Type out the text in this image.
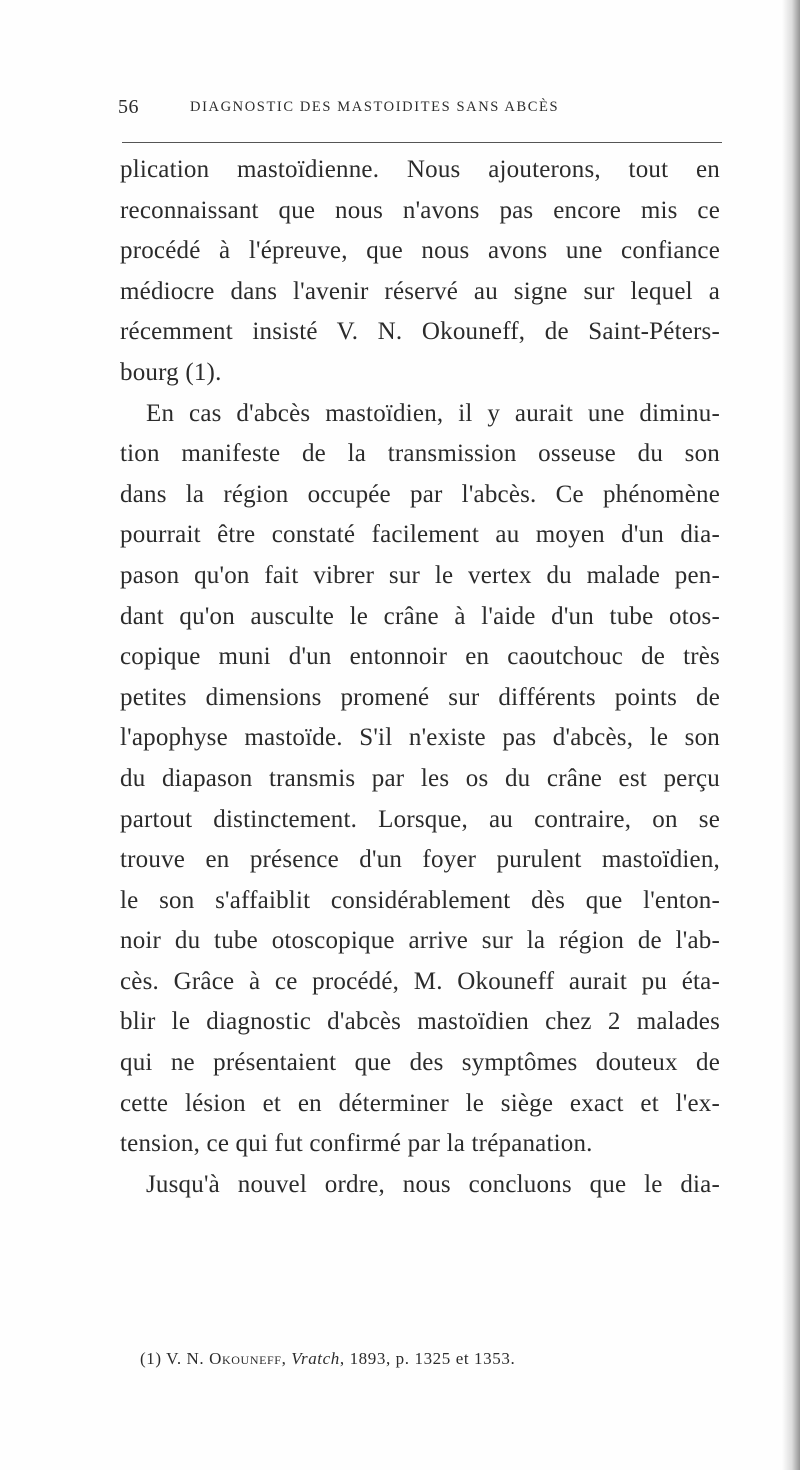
56	DIAGNOSTIC DES MASTOIDITES SANS ABCÈS
plication mastoïdienne. Nous ajouterons, tout en
reconnaissant que nous n'avons pas encore mis ce
procédé à l'épreuve, que nous avons une confiance
médiocre dans l'avenir réservé au signe sur lequel a
récemment insisté V. N. Okouneff, de Saint-Péters-
bourg (1).
En cas d'abcès mastoïdien, il y aurait une diminu-
tion manifeste de la transmission osseuse du son
dans la région occupée par l'abcès. Ce phénomène
pourrait être constaté facilement au moyen d'un dia-
pason qu'on fait vibrer sur le vertex du malade pen-
dant qu'on ausculte le crâne à l'aide d'un tube otos-
copique muni d'un entonnoir en caoutchouc de très
petites dimensions promené sur différents points de
l'apophyse mastoïde. S'il n'existe pas d'abcès, le son
du diapason transmis par les os du crâne est perçu
partout distinctement. Lorsque, au contraire, on se
trouve en présence d'un foyer purulent mastoïdien,
le son s'affaiblit considérablement dès que l'enton-
noir du tube otoscopique arrive sur la région de l'ab-
cès. Grâce à ce procédé, M. Okouneff aurait pu éta-
blir le diagnostic d'abcès mastoïdien chez 2 malades
qui ne présentaient que des symptômes douteux de
cette lésion et en déterminer le siège exact et l'ex-
tension, ce qui fut confirmé par la trépanation.
Jusqu'à nouvel ordre, nous concluons que le dia-
(1) V. N. Okouneff, Vratch, 1893, p. 1325 et 1353.
